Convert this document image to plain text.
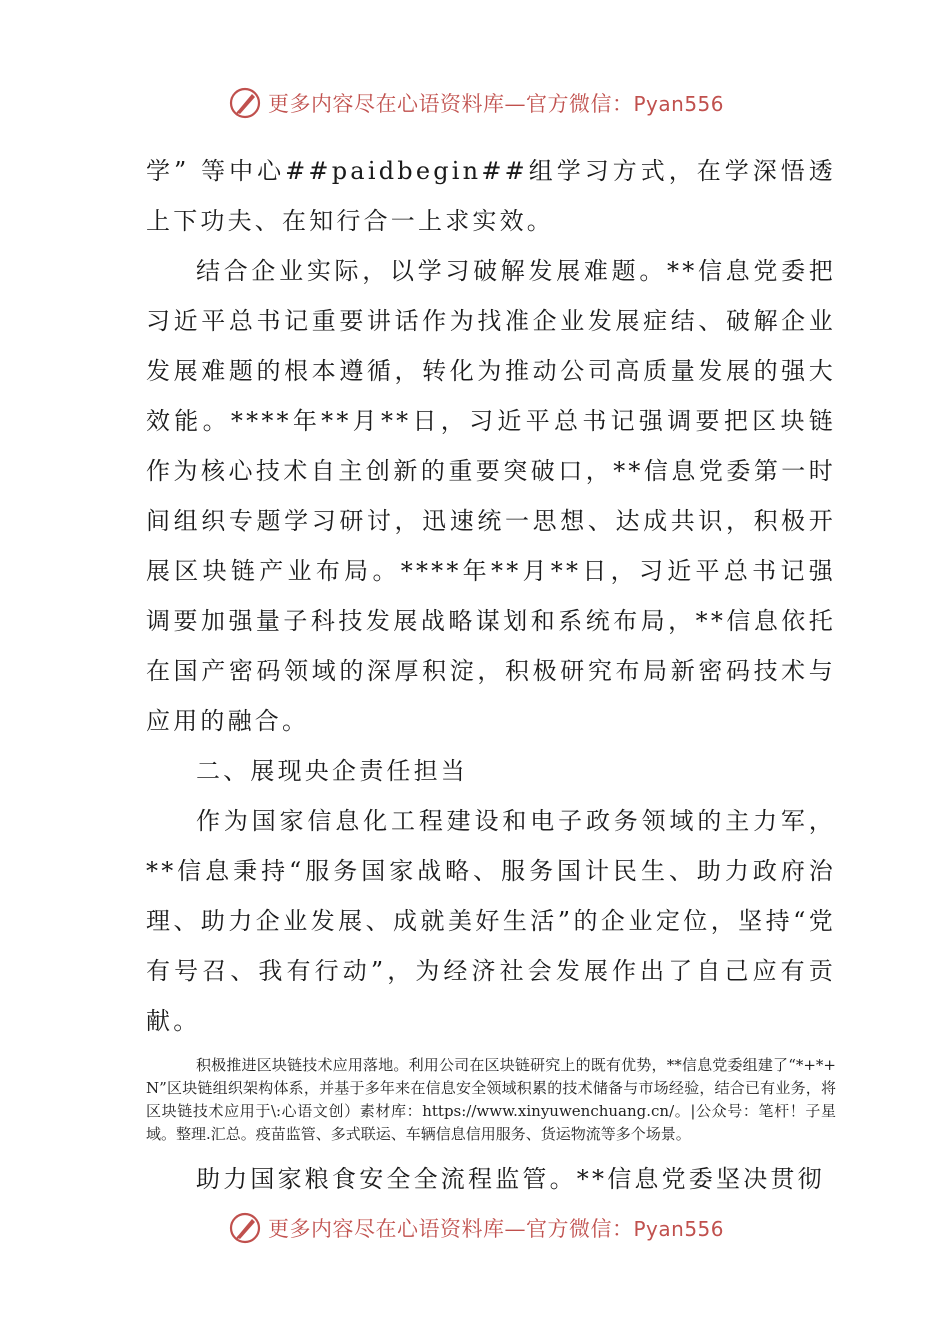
更多内容尽在心语资料库—官方微信：Pyan556

学” 等中心##paidbegin##组学习方式，在学深悟透上下功夫、在知行合一上求实效。

结合企业实际，以学习破解发展难题。**信息党委把习近平总书记重要讲话作为找准企业发展症结、破解企业发展难题的根本遵循，转化为推动公司高质量发展的强大效能。****年**月**日，习近平总书记强调要把区块链作为核心技术自主创新的重要突破口，**信息党委第一时间组织专题学习研讨，迅速统一思想、达成共识，积极开展区块链产业布局。****年**月**日，习近平总书记强调要加强量子科技发展战略谋划和系统布局，**信息依托在国产密码领域的深厚积淀，积极研究布局新密码技术与应用的融合。

二、展现央企责任担当

作为国家信息化工程建设和电子政务领域的主力军，**信息秉持“服务国家战略、服务国计民生、助力政府治理、助力企业发展、成就美好生活”的企业定位，坚持“党有号召、我有行动”，为经济社会发展作出了自己应有贡献。

积极推进区块链技术应用落地。利用公司在区块链研究上的既有优势，**信息党委组建了“*+*+N”区块链组织架构体系，并基于多年来在信息安全领域积累的技术储备与市场经验，结合已有业务，将区块链技术应用于\:心语文创）素材库：https://www.xinyuwenchuang.cn/。|公众号：笔杆！子星域。整理.汇总。疫苗监管、多式联运、车辆信息信用服务、货运物流等多个场景。

助力国家粮食安全全流程监管。**信息党委坚决贯彻

更多内容尽在心语资料库—官方微信：Pyan556
